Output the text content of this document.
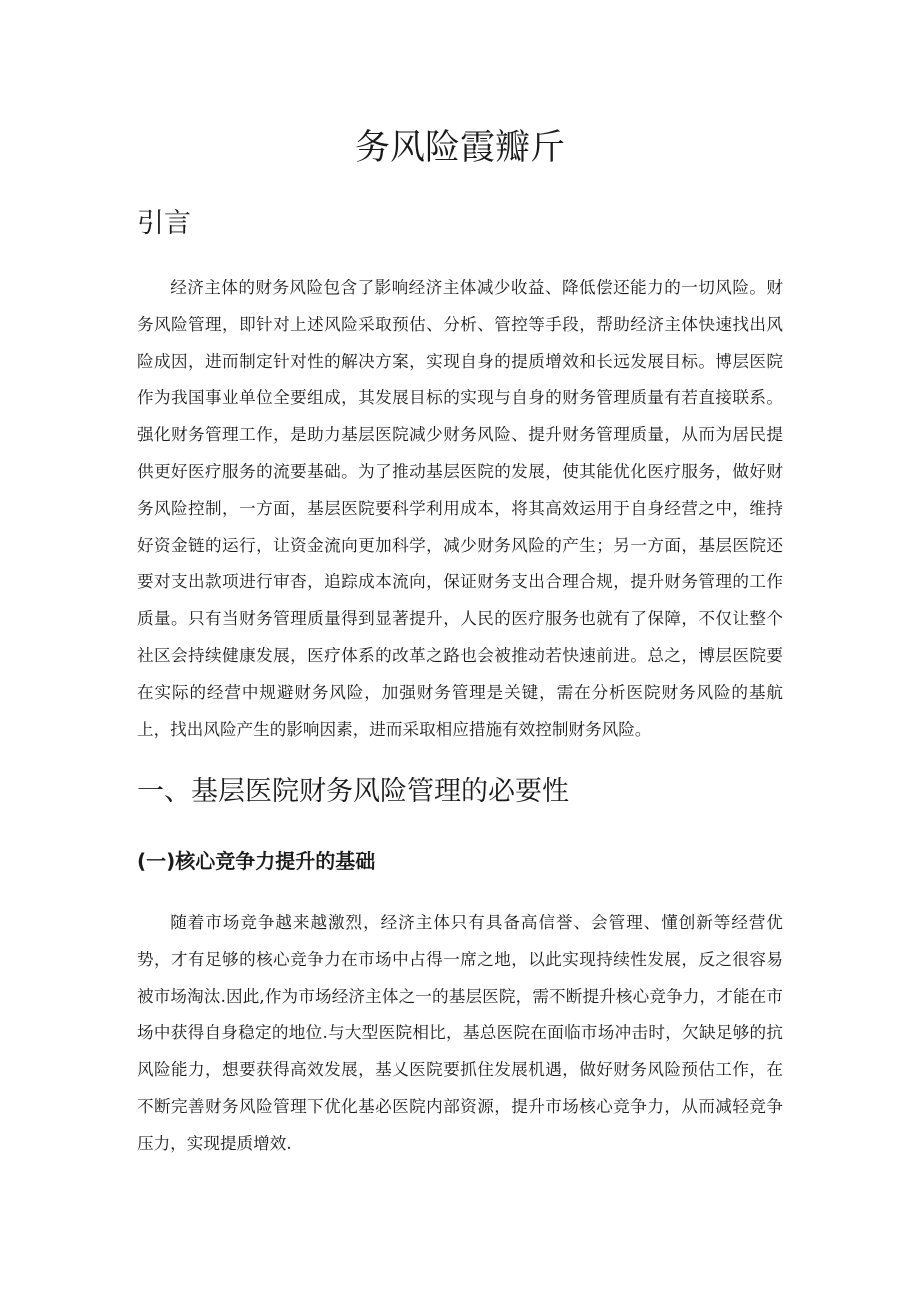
务风险霞瓣斤
引言

经济主体的财务风险包含了影响经济主体减少收益、降低偿还能力的一切风险。财务风险管理，即针对上述风险采取预估、分析、管控等手段，帮助经济主体快速找出风险成因，进而制定针对性的解决方案，实现自身的提质增效和长远发展目标。博层医院作为我国事业单位全要组成，其发展目标的实现与自身的财务管理质量有若直接联系。强化财务管理工作，是助力基层医院减少财务风险、提升财务管理质量，从而为居民提供更好医疗服务的流要基础。为了推动基层医院的发展，使其能优化医疗服务，做好财务风险控制，一方面，基层医院要科学利用成本，将其高效运用于自身经营之中，维持好资金链的运行，让资金流向更加科学，减少财务风险的产生；另一方面，基层医院还要对支出款项进行审杳，追踪成本流向，保证财务支出合理合规，提升财务管理的工作质量。只有当财务管理质量得到显著提升，人民的医疗服务也就有了保障，不仅让整个社区会持续健康发展，医疗体系的改革之路也会被推动若快速前进。总之，博层医院要在实际的经营中规避财务风险，加强财务管理是关键，需在分析医院财务风险的基航上，找出风险产生的影响因素，进而采取相应措施有效控制财务风险。

一、基层医院财务风险管理的必要性
(一)核心竞争力提升的基础

随着市场竞争越来越激烈，经济主体只有具备高信誉、会管理、懂创新等经营优势，才有足够的核心竞争力在市场中占得一席之地，以此实现持续性发展，反之很容易被市场淘汰.因此,作为市场经济主体之一的基层医院，需不断提升核心竞争力，才能在市场中获得自身稳定的地位.与大型医院相比，基总医院在面临市场冲击时，欠缺足够的抗风险能力，想要获得高效发展，基乂医院要抓住发展机遇，做好财务风险预估工作，在不断完善财务风险管理下优化基必医院内部资源，提升市场核心竞争力，从而减轻竞争压力，实现提质增效.
